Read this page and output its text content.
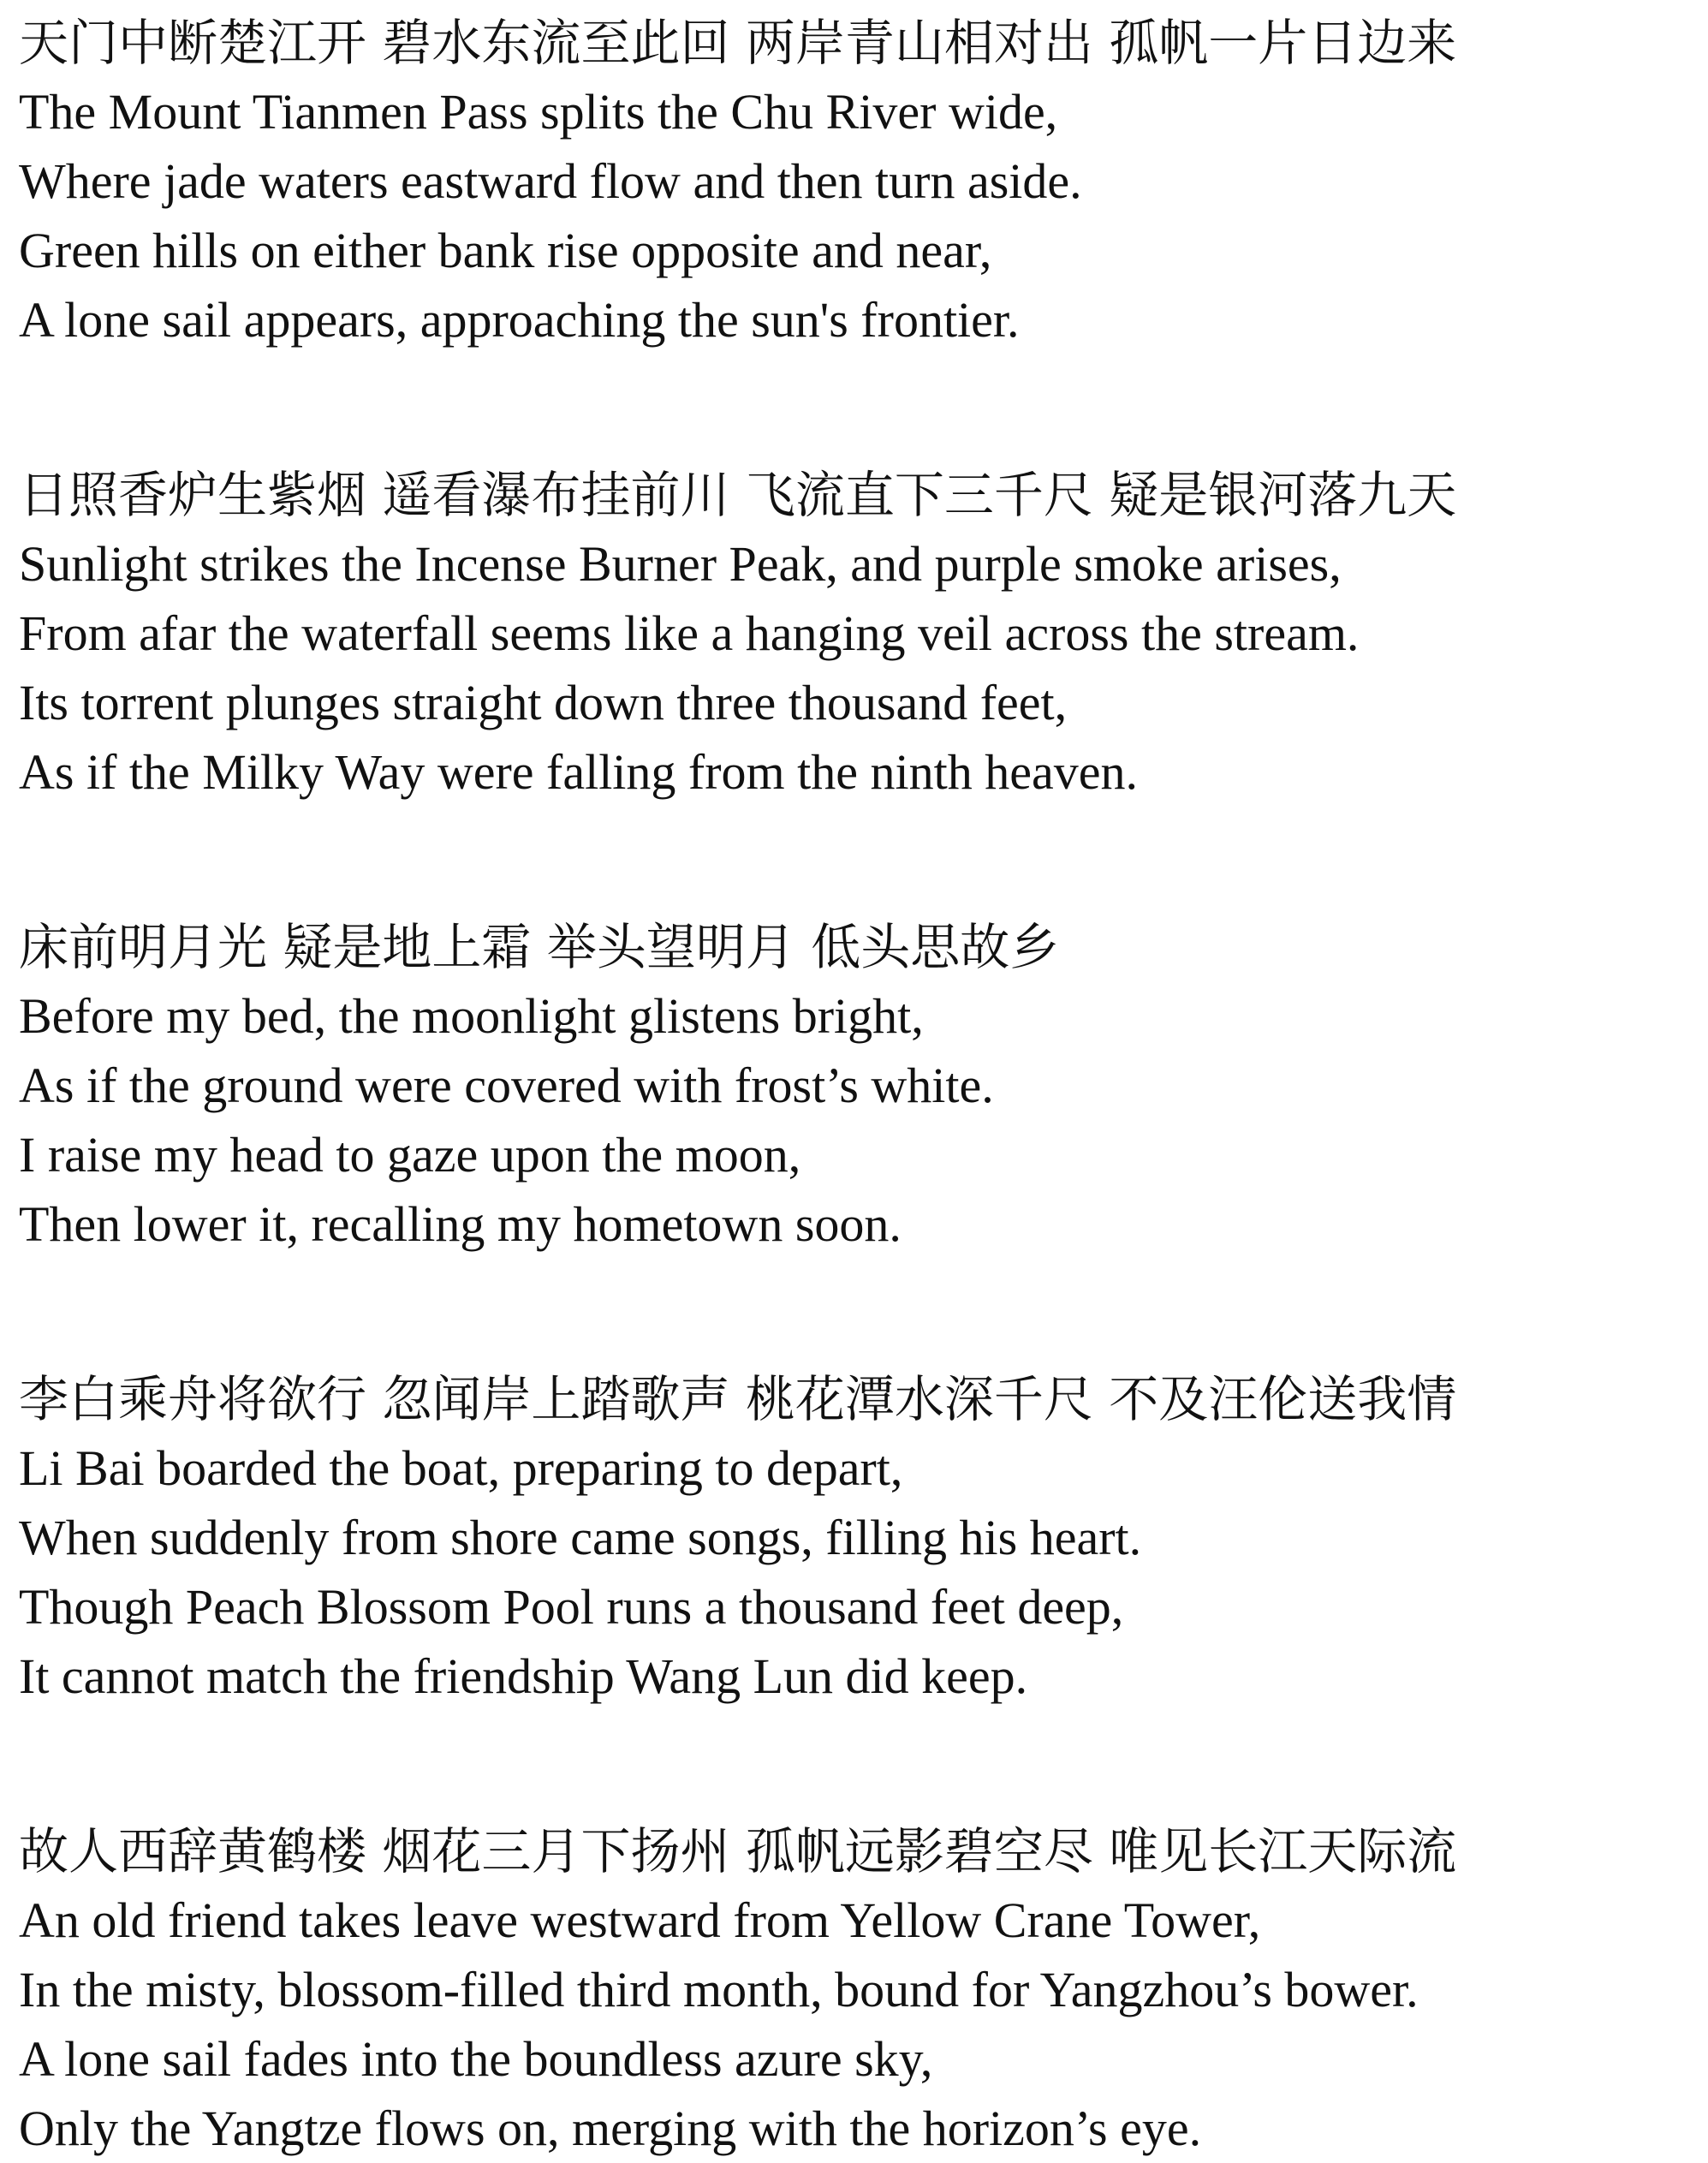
天门中断楚江开 碧水东流至此回 两岸青山相对出 孤帆一片日边来
The Mount Tianmen Pass splits the Chu River wide,
Where jade waters eastward flow and then turn aside.
Green hills on either bank rise opposite and near,
A lone sail appears, approaching the sun's frontier.
日照香炉生紫烟 遥看瀑布挂前川 飞流直下三千尺 疑是银河落九天
Sunlight strikes the Incense Burner Peak, and purple smoke arises,
From afar the waterfall seems like a hanging veil across the stream.
Its torrent plunges straight down three thousand feet,
As if the Milky Way were falling from the ninth heaven.
床前明月光 疑是地上霜 举头望明月 低头思故乡
Before my bed, the moonlight glistens bright,
As if the ground were covered with frost’s white.
I raise my head to gaze upon the moon,
Then lower it, recalling my hometown soon.
李白乘舟将欲行 忽闻岸上踏歌声 桃花潭水深千尺 不及汪伦送我情
Li Bai boarded the boat, preparing to depart,
When suddenly from shore came songs, filling his heart.
Though Peach Blossom Pool runs a thousand feet deep,
It cannot match the friendship Wang Lun did keep.
故人西辞黄鹤楼 烟花三月下扬州 孤帆远影碧空尽 唯见长江天际流
An old friend takes leave westward from Yellow Crane Tower,
In the misty, blossom-filled third month, bound for Yangzhou’s bower.
A lone sail fades into the boundless azure sky,
Only the Yangtze flows on, merging with the horizon’s eye.
